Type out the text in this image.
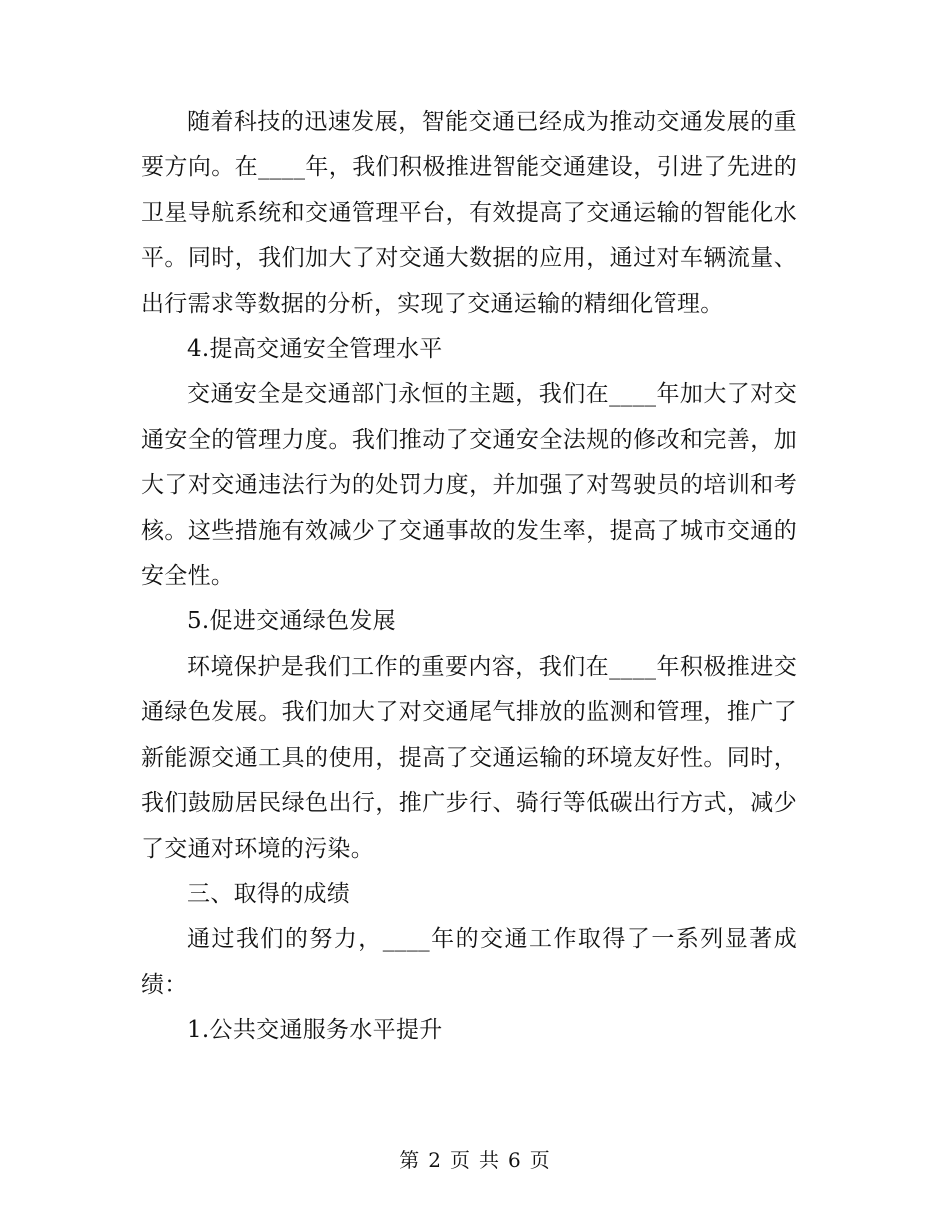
随着科技的迅速发展，智能交通已经成为推动交通发展的重要方向。在____年，我们积极推进智能交通建设，引进了先进的卫星导航系统和交通管理平台，有效提高了交通运输的智能化水平。同时，我们加大了对交通大数据的应用，通过对车辆流量、出行需求等数据的分析，实现了交通运输的精细化管理。

4.提高交通安全管理水平

交通安全是交通部门永恒的主题，我们在____年加大了对交通安全的管理力度。我们推动了交通安全法规的修改和完善，加大了对交通违法行为的处罚力度，并加强了对驾驶员的培训和考核。这些措施有效减少了交通事故的发生率，提高了城市交通的安全性。

5.促进交通绿色发展

环境保护是我们工作的重要内容，我们在____年积极推进交通绿色发展。我们加大了对交通尾气排放的监测和管理，推广了新能源交通工具的使用，提高了交通运输的环境友好性。同时，我们鼓励居民绿色出行，推广步行、骑行等低碳出行方式，减少了交通对环境的污染。

三、取得的成绩

通过我们的努力，____年的交通工作取得了一系列显著成绩：

1.公共交通服务水平提升

第 2 页 共 6 页
